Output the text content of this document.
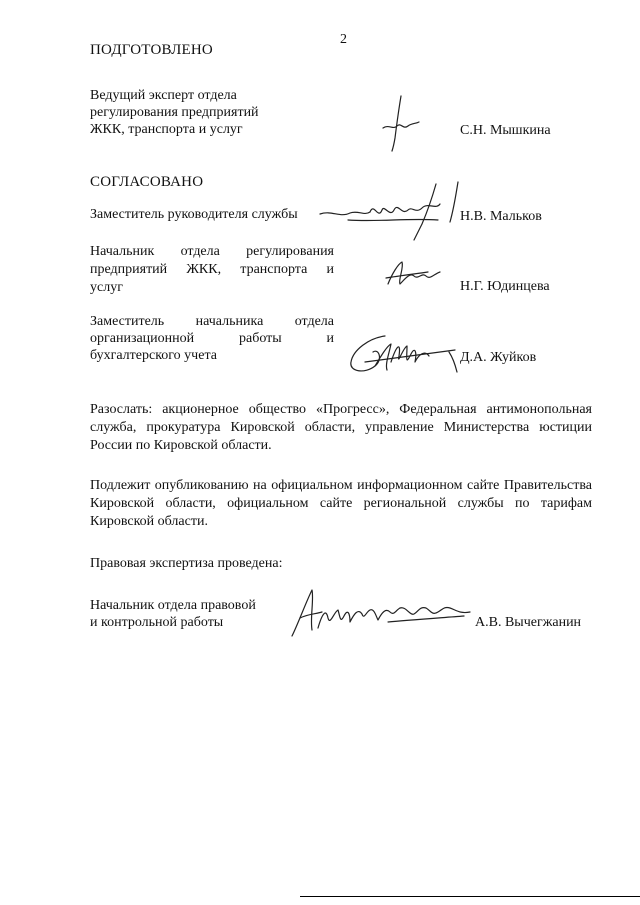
2
ПОДГОТОВЛЕНО
Ведущий эксперт отдела
регулирования предприятий
ЖКК, транспорта и услуг	С.Н. Мышкина
СОГЛАСОВАНО
Заместитель руководителя службы	Н.В. Мальков
Начальник отдела регулирования
предприятий ЖКК, транспорта и
услуг	Н.Г. Юдинцева
Заместитель начальника отдела
организационной работы и
бухгалтерского учета	Д.А. Жуйков
Разослать: акционерное общество «Прогресс», Федеральная антимонопольная служба, прокуратура Кировской области, управление Министерства юстиции России по Кировской области.
Подлежит опубликованию на официальном информационном сайте Правительства Кировской области, официальном сайте региональной службы по тарифам Кировской области.
Правовая экспертиза проведена:
Начальник отдела правовой
и контрольной работы	А.В. Вычегжанин
